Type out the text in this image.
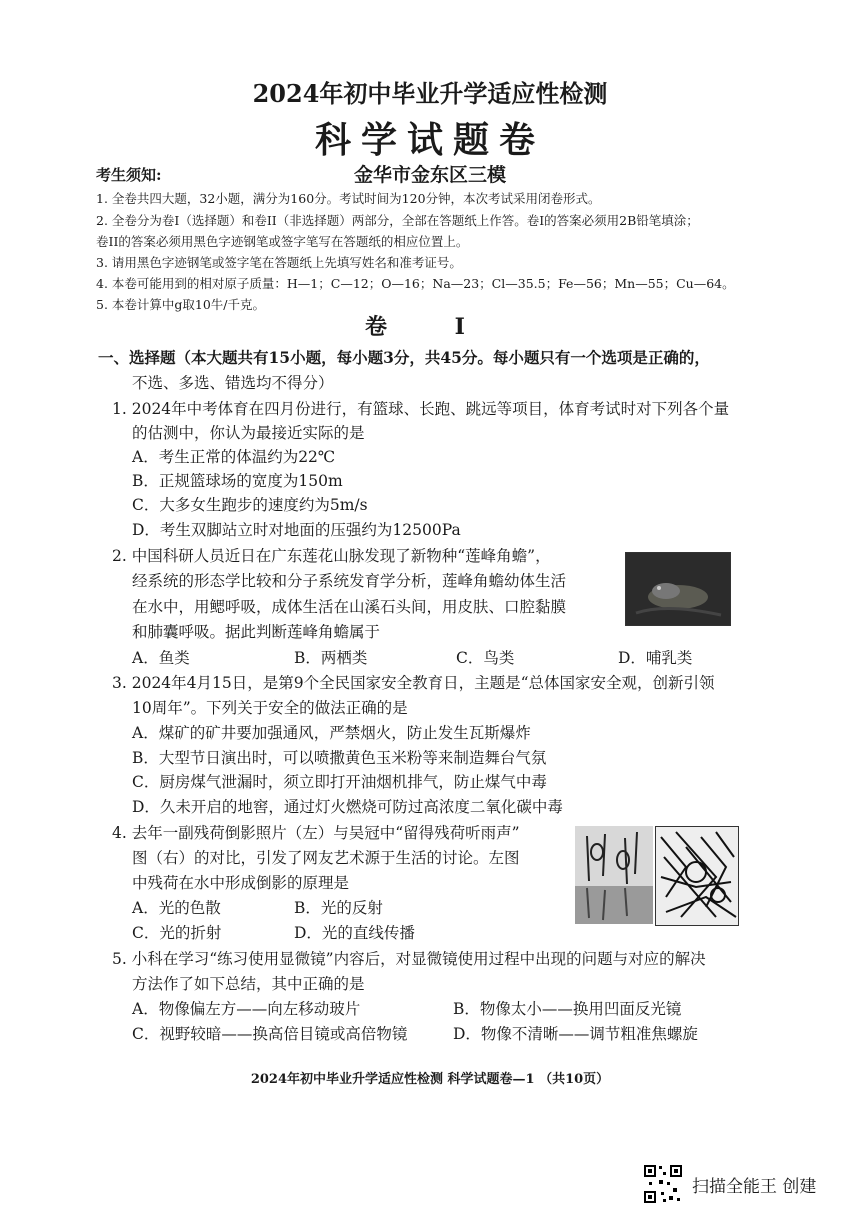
2024年初中毕业升学适应性检测
科学试题卷
考生须知:	金华市金东区三模
1. 全卷共四大题，32小题，满分为160分。考试时间为120分钟，本次考试采用闭卷形式。
2. 全卷分为卷I（选择题）和卷II（非选择题）两部分，全部在答题纸上作答。卷I的答案必须用2B铅笔填涂；
卷II的答案必须用黑色字迹钢笔或签字笔写在答题纸的相应位置上。
3. 请用黑色字迹钢笔或签字笔在答题纸上先填写姓名和准考证号。
4. 本卷可能用到的相对原子质量：H—1；C—12；O—16；Na—23；Cl—35.5；Fe—56；Mn—55；Cu—64。
5. 本卷计算中g取10牛/千克。
卷 I
一、选择题（本大题共有15小题，每小题3分，共45分。每小题只有一个选项是正确的，
不选、多选、错选均不得分）
1. 2024年中考体育在四月份进行，有篮球、长跑、跳远等项目，体育考试时对下列各个量
的估测中，你认为最接近实际的是
A．考生正常的体温约为22℃
B．正规篮球场的宽度为150m
C．大多女生跑步的速度约为5m/s
D．考生双脚站立时对地面的压强约为12500Pa
2. 中国科研人员近日在广东莲花山脉发现了新物种“莲峰角蟾”，
经系统的形态学比较和分子系统发育学分析，莲峰角蟾幼体生活
在水中，用鳃呼吸，成体生活在山溪石头间，用皮肤、口腔黏膜
和肺囊呼吸。据此判断莲峰角蟾属于
A．鱼类	B．两栖类	C．鸟类	D．哺乳类
3. 2024年4月15日，是第9个全民国家安全教育日，主题是“总体国家安全观，创新引领
10周年”。下列关于安全的做法正确的是
A．煤矿的矿井要加强通风，严禁烟火，防止发生瓦斯爆炸
B．大型节日演出时，可以喷撒黄色玉米粉等来制造舞台气氛
C．厨房煤气泄漏时，须立即打开油烟机排气，防止煤气中毒
D．久未开启的地窖，通过灯火燃烧可防过高浓度二氧化碳中毒
4. 去年一副残荷倒影照片（左）与吴冠中“留得残荷听雨声”
图（右）的对比，引发了网友艺术源于生活的讨论。左图
中残荷在水中形成倒影的原理是
A．光的色散	B．光的反射
C．光的折射	D．光的直线传播
5. 小科在学习“练习使用显微镜”内容后，对显微镜使用过程中出现的问题与对应的解决
方法作了如下总结，其中正确的是
A．物像偏左方——向左移动玻片	B．物像太小——换用凹面反光镜
C．视野较暗——换高倍目镜或高倍物镜	D．物像不清晰——调节粗准焦螺旋
2024年初中毕业升学适应性检测 科学试题卷—1 （共10页）
扫描全能王 创建
